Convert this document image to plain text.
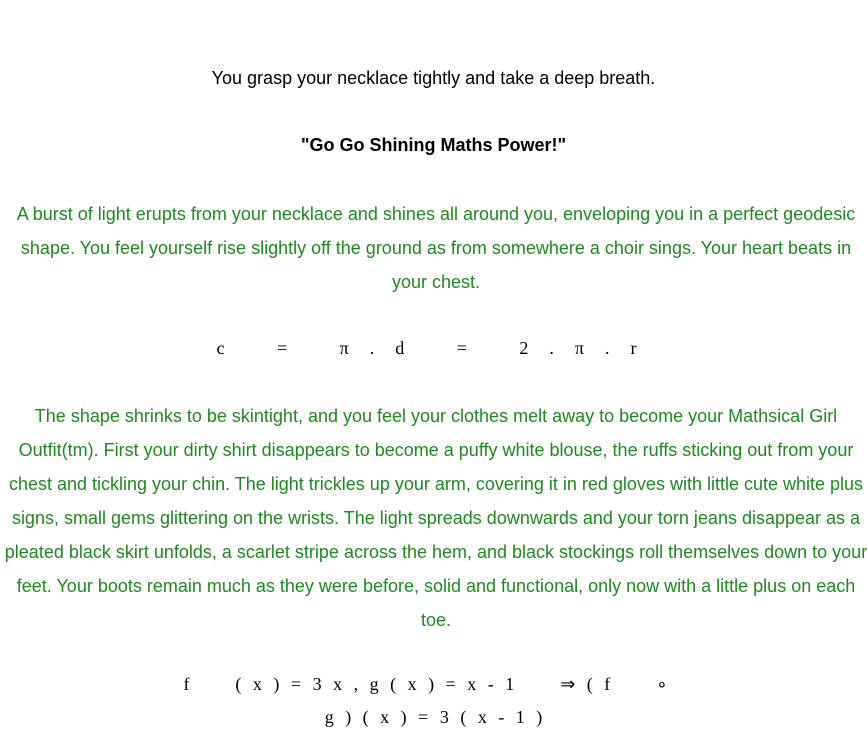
You grasp your necklace tightly and take a deep breath.
"Go Go Shining Maths Power!"
A burst of light erupts from your necklace and shines all around you, enveloping you in a perfect geodesic shape. You feel yourself rise slightly off the ground as from somewhere a choir sings. Your heart beats in your chest.
c     =     π  .  d     =     2  .  π  .  r
The shape shrinks to be skintight, and you feel your clothes melt away to become your Mathsical Girl Outfit(tm). First your dirty shirt disappears to become a puffy white blouse, the ruffs sticking out from your chest and tickling your chin. The light trickles up your arm, covering it in red gloves with little cute white plus signs, small gems glittering on the wrists. The light spreads downwards and your torn jeans disappear as a pleated black skirt unfolds, a scarlet stripe across the hem, and black stockings roll themselves down to your feet. Your boots remain much as they were before, solid and functional, only now with a little plus on each toe.
f    ( x ) = 3 x , g ( x ) = x - 1    ⇒ ( f    ∘
g ) ( x ) = 3 ( x - 1 )
